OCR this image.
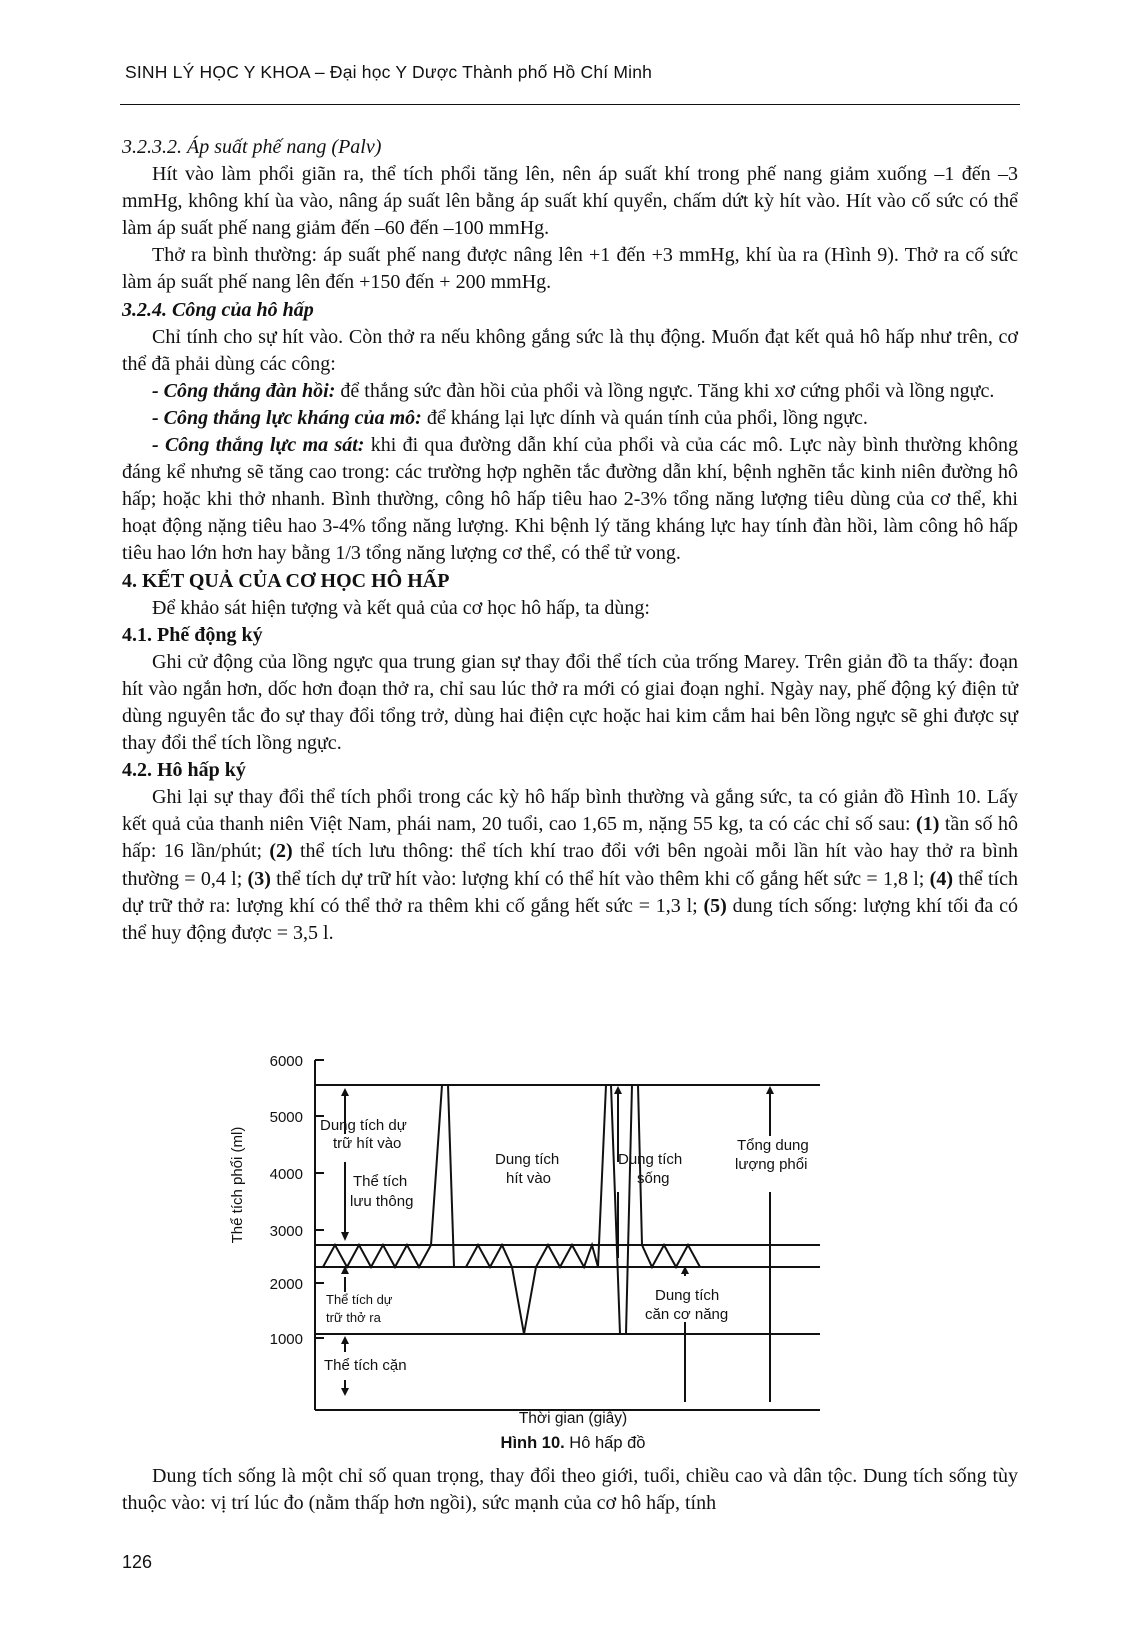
SINH LÝ HỌC Y KHOA – Đại học Y Dược Thành phố Hồ Chí Minh

3.2.3.2. Áp suất phế nang (Palv)

Hít vào làm phổi giãn ra, thể tích phổi tăng lên, nên áp suất khí trong phế nang giảm xuống –1 đến –3 mmHg, không khí ùa vào, nâng áp suất lên bằng áp suất khí quyển, chấm dứt kỳ hít vào. Hít vào cố sức có thể làm áp suất phế nang giảm đến –60 đến –100 mmHg.

Thở ra bình thường: áp suất phế nang được nâng lên +1 đến +3 mmHg, khí ùa ra (Hình 9). Thở ra cố sức làm áp suất phế nang lên đến +150 đến + 200 mmHg.

3.2.4. Công của hô hấp

Chỉ tính cho sự hít vào. Còn thở ra nếu không gắng sức là thụ động. Muốn đạt kết quả hô hấp như trên, cơ thể đã phải dùng các công:

- Công thắng đàn hồi: để thắng sức đàn hồi của phổi và lồng ngực. Tăng khi xơ cứng phổi và lồng ngực.

- Công thắng lực kháng của mô: để kháng lại lực dính và quán tính của phổi, lồng ngực.

- Công thắng lực ma sát: khi đi qua đường dẫn khí của phổi và của các mô. Lực này bình thường không đáng kể nhưng sẽ tăng cao trong: các trường hợp nghẽn tắc đường dẫn khí, bệnh nghẽn tắc kinh niên đường hô hấp; hoặc khi thở nhanh. Bình thường, công hô hấp tiêu hao 2-3% tổng năng lượng tiêu dùng của cơ thể, khi hoạt động nặng tiêu hao 3-4% tổng năng lượng. Khi bệnh lý tăng kháng lực hay tính đàn hồi, làm công hô hấp tiêu hao lớn hơn hay bằng 1/3 tổng năng lượng cơ thể, có thể tử vong.

4. KẾT QUẢ CỦA CƠ HỌC HÔ HẤP

Để khảo sát hiện tượng và kết quả của cơ học hô hấp, ta dùng:

4.1. Phế động ký

Ghi cử động của lồng ngực qua trung gian sự thay đổi thể tích của trống Marey. Trên giản đồ ta thấy: đoạn hít vào ngắn hơn, dốc hơn đoạn thở ra, chỉ sau lúc thở ra mới có giai đoạn nghỉ. Ngày nay, phế động ký điện tử dùng nguyên tắc đo sự thay đổi tổng trở, dùng hai điện cực hoặc hai kim cắm hai bên lồng ngực sẽ ghi được sự thay đổi thể tích lồng ngực.

4.2. Hô hấp ký

Ghi lại sự thay đổi thể tích phổi trong các kỳ hô hấp bình thường và gắng sức, ta có giản đồ Hình 10. Lấy kết quả của thanh niên Việt Nam, phái nam, 20 tuổi, cao 1,65 m, nặng 55 kg, ta có các chỉ số sau: (1) tần số hô hấp: 16 lần/phút; (2) thể tích lưu thông: thể tích khí trao đổi với bên ngoài mỗi lần hít vào hay thở ra bình thường = 0,4 l; (3) thể tích dự trữ hít vào: lượng khí có thể hít vào thêm khi cố gắng hết sức = 1,8 l; (4) thể tích dự trữ thở ra: lượng khí có thể thở ra thêm khi cố gắng hết sức = 1,3 l; (5) dung tích sống: lượng khí tối đa có thể huy động được = 3,5 l.

6000
5000
4000
3000
2000
1000
Thể tích phổi (ml)
Dung tích dự
trữ hít vào
Thể tích
lưu thông
Dung tích
hít vào
Dung tích
sống
Tổng dung
lượng phổi
Dung tích
căn cơ năng
Thể tích cặn
Thể tích dự
trữ thở ra
Thời gian (giây)
Hình 10. Hô hấp đồ

Dung tích sống là một chỉ số quan trọng, thay đổi theo giới, tuổi, chiều cao và dân tộc. Dung tích sống tùy thuộc vào: vị trí lúc đo (nằm thấp hơn ngồi), sức mạnh của cơ hô hấp, tính

126
